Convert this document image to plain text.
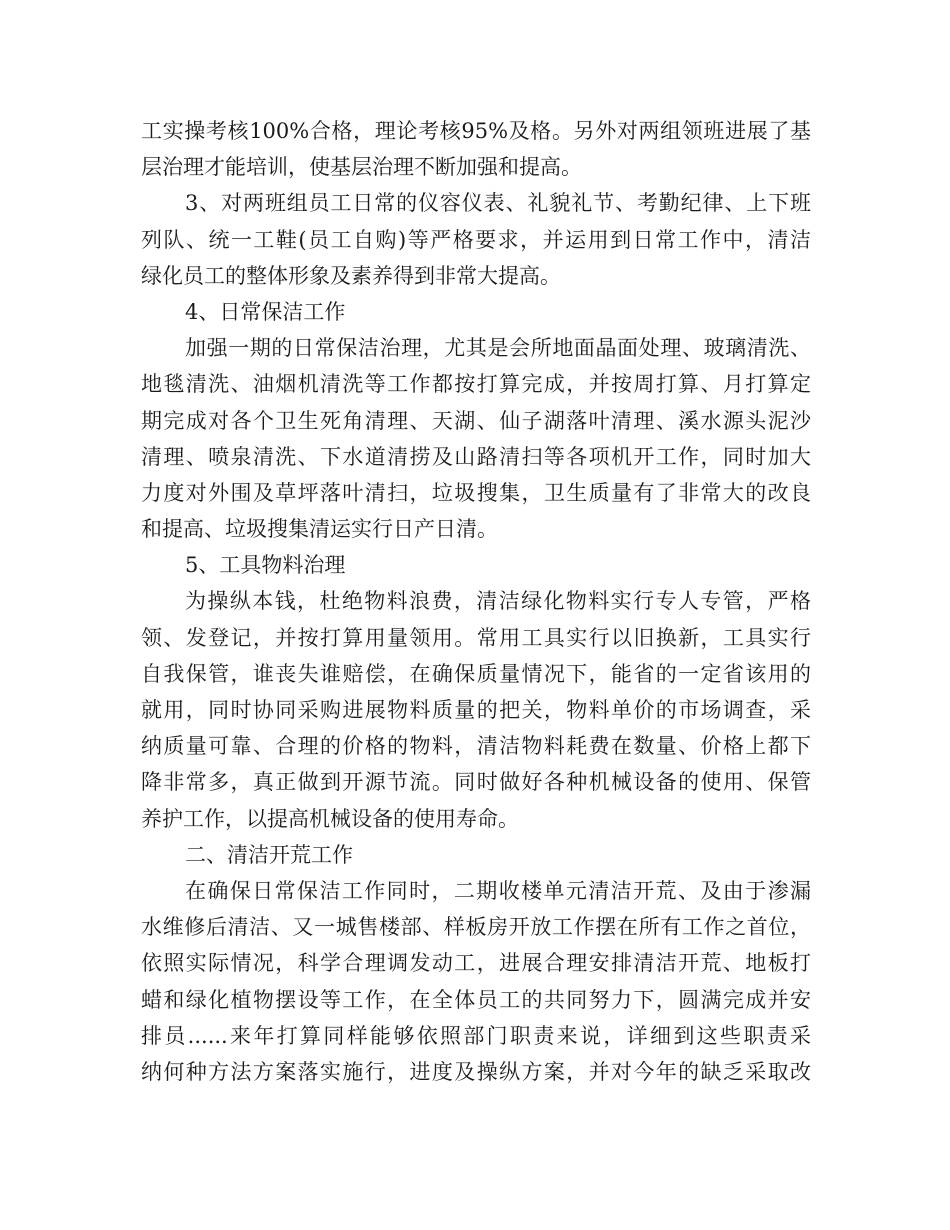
工实操考核100%合格，理论考核95%及格。另外对两组领班进展了基
层治理才能培训，使基层治理不断加强和提高。
3、对两班组员工日常的仪容仪表、礼貌礼节、考勤纪律、上下班
列队、统一工鞋(员工自购)等严格要求，并运用到日常工作中，清洁
绿化员工的整体形象及素养得到非常大提高。
4、日常保洁工作
加强一期的日常保洁治理，尤其是会所地面晶面处理、玻璃清洗、
地毯清洗、油烟机清洗等工作都按打算完成，并按周打算、月打算定
期完成对各个卫生死角清理、天湖、仙子湖落叶清理、溪水源头泥沙
清理、喷泉清洗、下水道清捞及山路清扫等各项机开工作，同时加大
力度对外围及草坪落叶清扫，垃圾搜集，卫生质量有了非常大的改良
和提高、垃圾搜集清运实行日产日清。
5、工具物料治理
为操纵本钱，杜绝物料浪费，清洁绿化物料实行专人专管，严格
领、发登记，并按打算用量领用。常用工具实行以旧换新，工具实行
自我保管，谁丧失谁赔偿，在确保质量情况下，能省的一定省该用的
就用，同时协同采购进展物料质量的把关，物料单价的市场调查，采
纳质量可靠、合理的价格的物料，清洁物料耗费在数量、价格上都下
降非常多，真正做到开源节流。同时做好各种机械设备的使用、保管
养护工作，以提高机械设备的使用寿命。
二、清洁开荒工作
在确保日常保洁工作同时，二期收楼单元清洁开荒、及由于渗漏
水维修后清洁、又一城售楼部、样板房开放工作摆在所有工作之首位，
依照实际情况，科学合理调发动工，进展合理安排清洁开荒、地板打
蜡和绿化植物摆设等工作，在全体员工的共同努力下，圆满完成并安
排员......来年打算同样能够依照部门职责来说，详细到这些职责采
纳何种方法方案落实施行，进度及操纵方案，并对今年的缺乏采取改
